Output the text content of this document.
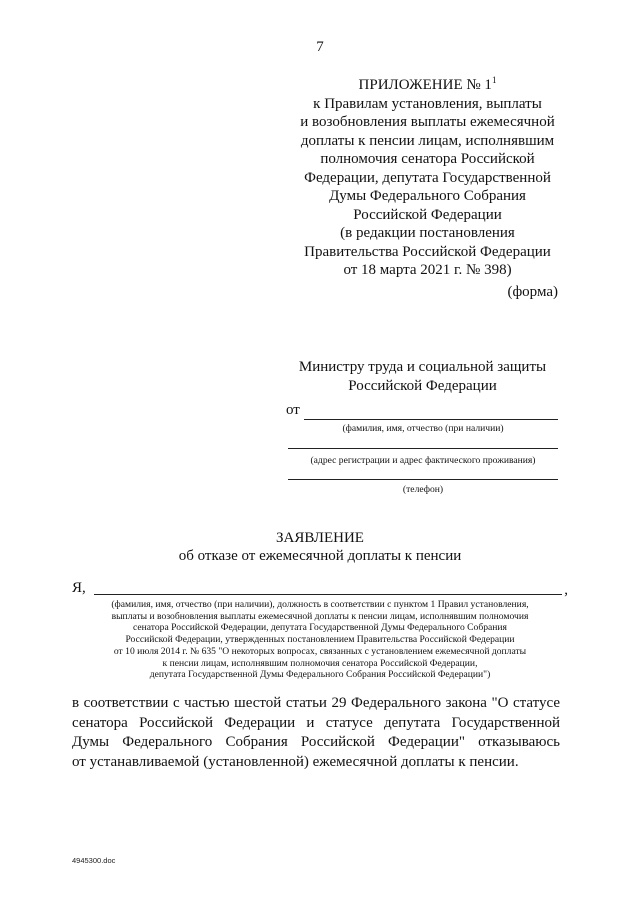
7
ПРИЛОЖЕНИЕ № $1^1$
к Правилам установления, выплаты
и возобновления выплаты ежемесячной
доплаты к пенсии лицам, исполнявшим
полномочия сенатора Российской
Федерации, депутата Государственной
Думы Федерального Собрания
Российской Федерации
(в редакции постановления
Правительства Российской Федерации
от 18 марта 2021 г. № 398)
(форма)
Министру труда и социальной защиты
Российской Федерации
от
(фамилия, имя, отчество (при наличии)
(адрес регистрации и адрес фактического проживания)
(телефон)
ЗАЯВЛЕНИЕ
об отказе от ежемесячной доплаты к пенсии
Я,	,
(фамилия, имя, отчество (при наличии), должность в соответствии с пунктом 1 Правил установления,
выплаты и возобновления выплаты ежемесячной доплаты к пенсии лицам, исполнявшим полномочия
сенатора Российской Федерации, депутата Государственной Думы Федерального Собрания
Российской Федерации, утвержденных постановлением Правительства Российской Федерации
от 10 июля 2014 г. № 635 "О некоторых вопросах, связанных с установлением ежемесячной доплаты
к пенсии лицам, исполнявшим полномочия сенатора Российской Федерации,
депутата Государственной Думы Федерального Собрания Российской Федерации")
в соответствии с частью шестой статьи 29 Федерального закона "О статусе
сенатора Российской Федерации и статусе депутата Государственной
Думы Федерального Собрания Российской Федерации" отказываюсь
от устанавливаемой (установленной) ежемесячной доплаты к пенсии.
4945300.doc
